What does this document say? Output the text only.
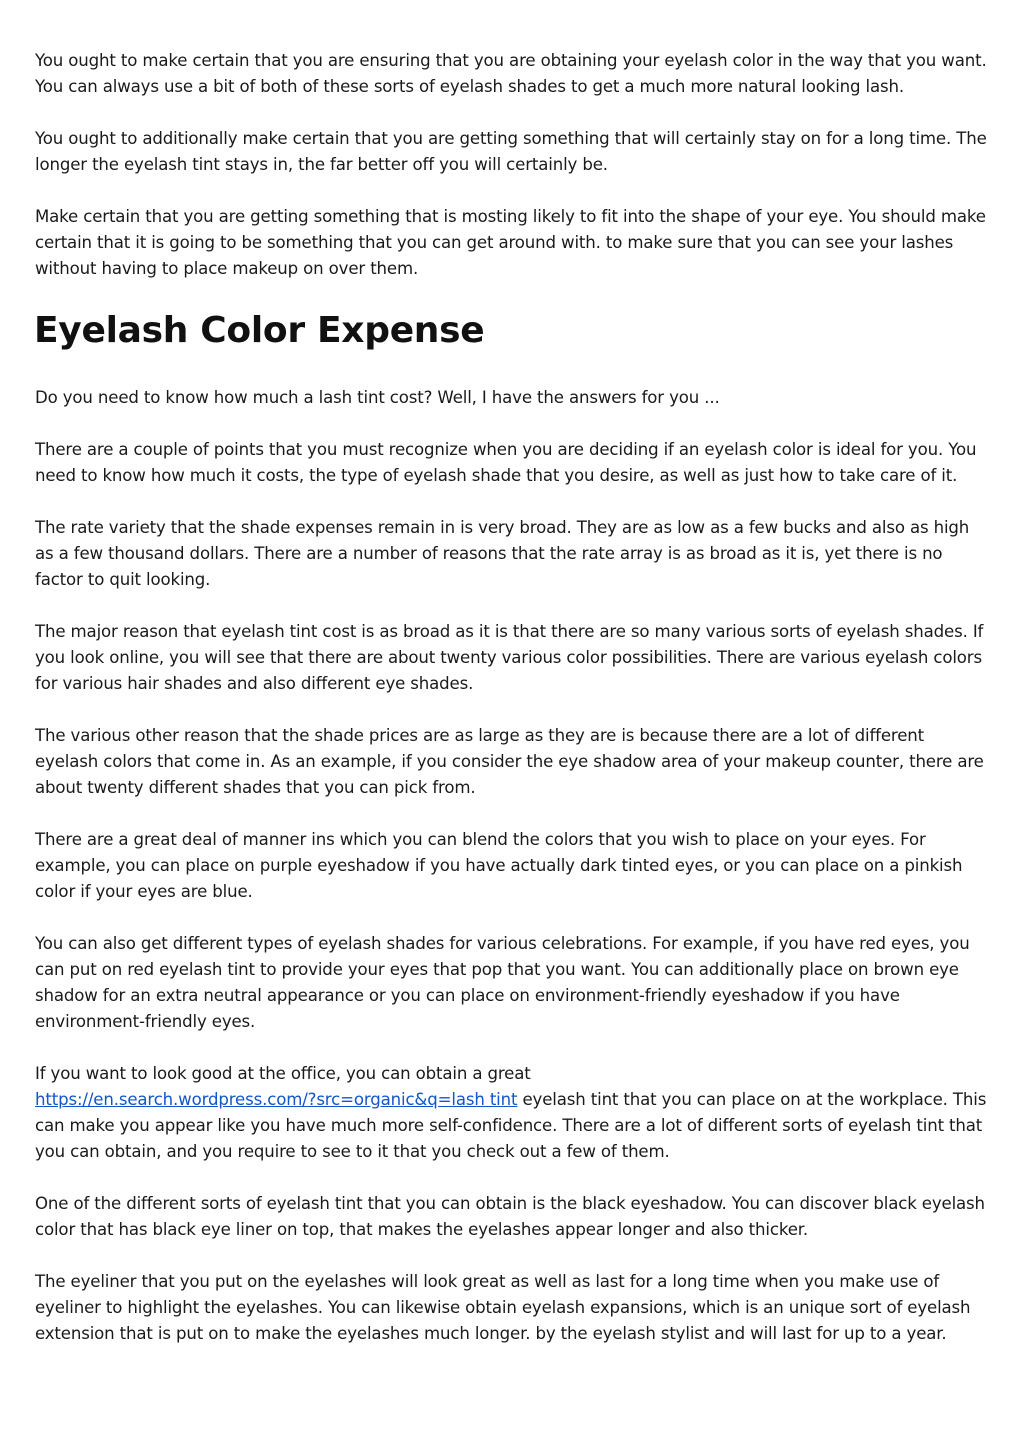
You ought to make certain that you are ensuring that you are obtaining your eyelash color in the way that you want. You can always use a bit of both of these sorts of eyelash shades to get a much more natural looking lash.

You ought to additionally make certain that you are getting something that will certainly stay on for a long time. The longer the eyelash tint stays in, the far better off you will certainly be.

Make certain that you are getting something that is mosting likely to fit into the shape of your eye. You should make certain that it is going to be something that you can get around with. to make sure that you can see your lashes without having to place makeup on over them.

Eyelash Color Expense

Do you need to know how much a lash tint cost? Well, I have the answers for you ...

There are a couple of points that you must recognize when you are deciding if an eyelash color is ideal for you. You need to know how much it costs, the type of eyelash shade that you desire, as well as just how to take care of it.

The rate variety that the shade expenses remain in is very broad. They are as low as a few bucks and also as high as a few thousand dollars. There are a number of reasons that the rate array is as broad as it is, yet there is no factor to quit looking.

The major reason that eyelash tint cost is as broad as it is that there are so many various sorts of eyelash shades. If you look online, you will see that there are about twenty various color possibilities. There are various eyelash colors for various hair shades and also different eye shades.

The various other reason that the shade prices are as large as they are is because there are a lot of different eyelash colors that come in. As an example, if you consider the eye shadow area of your makeup counter, there are about twenty different shades that you can pick from.

There are a great deal of manner ins which you can blend the colors that you wish to place on your eyes. For example, you can place on purple eyeshadow if you have actually dark tinted eyes, or you can place on a pinkish color if your eyes are blue.

You can also get different types of eyelash shades for various celebrations. For example, if you have red eyes, you can put on red eyelash tint to provide your eyes that pop that you want. You can additionally place on brown eye shadow for an extra neutral appearance or you can place on environment-friendly eyeshadow if you have environment-friendly eyes.

If you want to look good at the office, you can obtain a great
https://en.search.wordpress.com/?src=organic&q=lash tint eyelash tint that you can place on at the workplace. This can make you appear like you have much more self-confidence. There are a lot of different sorts of eyelash tint that you can obtain, and you require to see to it that you check out a few of them.

One of the different sorts of eyelash tint that you can obtain is the black eyeshadow. You can discover black eyelash color that has black eye liner on top, that makes the eyelashes appear longer and also thicker.

The eyeliner that you put on the eyelashes will look great as well as last for a long time when you make use of eyeliner to highlight the eyelashes. You can likewise obtain eyelash expansions, which is an unique sort of eyelash extension that is put on to make the eyelashes much longer. by the eyelash stylist and will last for up to a year.
